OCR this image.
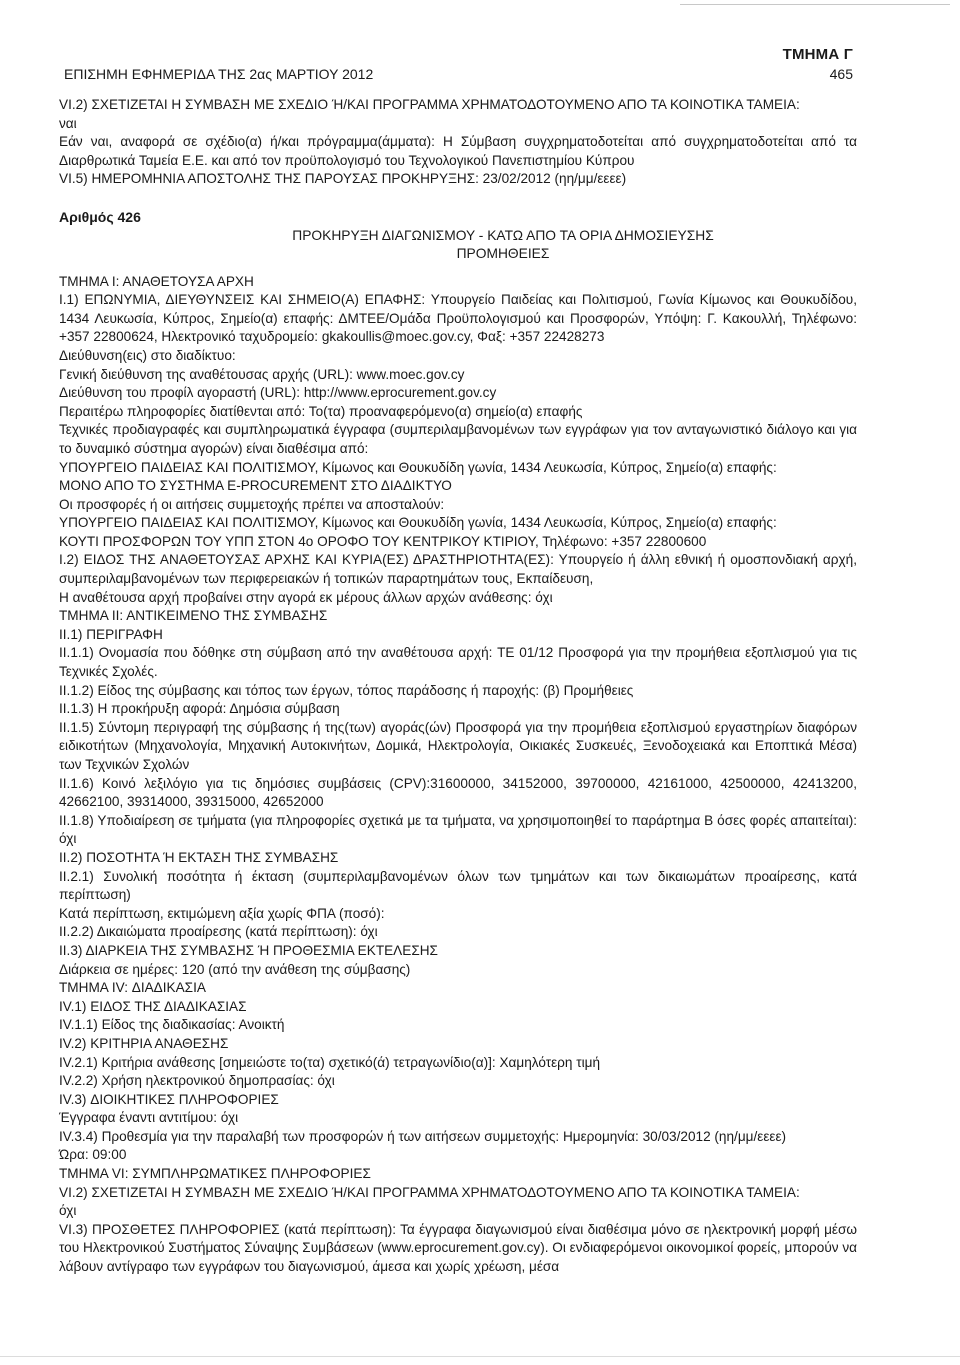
ΤΜΗΜΑ Γ
ΕΠΙΣΗΜΗ ΕΦΗΜΕΡΙΔΑ ΤΗΣ 2ας ΜΑΡΤΙΟΥ 2012	465

VI.2) ΣΧΕΤΙΖΕΤΑΙ Η ΣΥΜΒΑΣΗ ΜΕ ΣΧΕΔΙΟ Ή/ΚΑΙ ΠΡΟΓΡΑΜΜΑ ΧΡΗΜΑΤΟΔΟΤΟΥΜΕΝΟ ΑΠΟ ΤΑ ΚΟΙΝΟΤΙΚΑ ΤΑΜΕΙΑ:

ναι

Εάν ναι, αναφορά σε σχέδιο(α) ή/και πρόγραμμα(άμματα): Η Σύμβαση συγχρηματοδοτείται από συγχρηματοδοτείται από τα Διαρθρωτικά Ταμεία Ε.Ε. και από τον προϋπολογισμό του Τεχνολογικού Πανεπιστημίου Κύπρου

VI.5) ΗΜΕΡΟΜΗΝΙΑ ΑΠΟΣΤΟΛΗΣ ΤΗΣ ΠΑΡΟΥΣΑΣ ΠΡΟΚΗΡΥΞΗΣ: 23/02/2012 (ηη/μμ/εεεε)

Αριθμός 426

ΠΡΟΚΗΡΥΞΗ ΔΙΑΓΩΝΙΣΜΟΥ - ΚΑΤΩ ΑΠΟ ΤΑ ΟΡΙΑ ΔΗΜΟΣΙΕΥΣΗΣ

ΠΡΟΜΗΘΕΙΕΣ

ΤΜΗΜΑ Ι: ΑΝΑΘΕΤΟΥΣΑ ΑΡΧΗ

Ι.1) ΕΠΩΝΥΜΙΑ, ΔΙΕΥΘΥΝΣΕΙΣ ΚΑΙ ΣΗΜΕΙΟ(Α) ΕΠΑΦΗΣ: Υπουργείο Παιδείας και Πολιτισμού, Γωνία Κίμωνος και Θουκυδίδου, 1434 Λευκωσία, Κύπρος, Σημείο(α) επαφής: ΔΜΤΕΕ/Ομάδα Προϋπολογισμού και Προσφορών, Υπόψη: Γ. Κακουλλή, Τηλέφωνο: +357 22800624, Ηλεκτρονικό ταχυδρομείο: gkakoullis@moec.gov.cy, Φαξ: +357 22428273

Διεύθυνση(εις) στο διαδίκτυο:

Γενική διεύθυνση της αναθέτουσας αρχής (URL): www.moec.gov.cy

Διεύθυνση του προφίλ αγοραστή (URL): http://www.eprocurement.gov.cy

Περαιτέρω πληροφορίες διατίθενται από: Το(τα) προαναφερόμενο(α) σημείο(α) επαφής

Τεχνικές προδιαγραφές και συμπληρωματικά έγγραφα (συμπεριλαμβανομένων των εγγράφων για τον ανταγωνιστικό διάλογο και για το δυναμικό σύστημα αγορών) είναι διαθέσιμα από:

ΥΠΟΥΡΓΕΙΟ ΠΑΙΔΕΙΑΣ ΚΑΙ ΠΟΛΙΤΙΣΜΟΥ, Κίμωνος και Θουκυδίδη γωνία, 1434 Λευκωσία, Κύπρος, Σημείο(α) επαφής:

ΜΟΝΟ ΑΠΟ ΤΟ ΣΥΣΤΗΜΑ E-PROCUREMENT ΣΤΟ ΔΙΑΔΙΚΤΥΟ

Οι προσφορές ή οι αιτήσεις συμμετοχής πρέπει να αποσταλούν:

ΥΠΟΥΡΓΕΙΟ ΠΑΙΔΕΙΑΣ ΚΑΙ ΠΟΛΙΤΙΣΜΟΥ, Κίμωνος και Θουκυδίδη γωνία, 1434 Λευκωσία, Κύπρος, Σημείο(α) επαφής:

ΚΟΥΤΙ ΠΡΟΣΦΟΡΩΝ ΤΟΥ ΥΠΠ ΣΤΟΝ 4ο ΟΡΟΦΟ ΤΟΥ ΚΕΝΤΡΙΚΟΥ ΚΤΙΡΙΟΥ, Τηλέφωνο: +357 22800600

Ι.2) ΕΙΔΟΣ ΤΗΣ ΑΝΑΘΕΤΟΥΣΑΣ ΑΡΧΗΣ ΚΑΙ ΚΥΡΙΑ(ΕΣ) ΔΡΑΣΤΗΡΙΟΤΗΤΑ(ΕΣ): Υπουργείο ή άλλη εθνική ή ομοσπονδιακή αρχή, συμπεριλαμβανομένων των περιφερειακών ή τοπικών παραρτημάτων τους, Εκπαίδευση,

Η αναθέτουσα αρχή προβαίνει στην αγορά εκ μέρους άλλων αρχών ανάθεσης: όχι

ΤΜΗΜΑ ΙΙ: ΑΝΤΙΚΕΙΜΕΝΟ ΤΗΣ ΣΥΜΒΑΣΗΣ

ΙΙ.1) ΠΕΡΙΓΡΑΦΗ

ΙΙ.1.1) Ονομασία που δόθηκε στη σύμβαση από την αναθέτουσα αρχή: ΤΕ 01/12 Προσφορά για την προμήθεια εξοπλισμού για τις Τεχνικές Σχολές.

ΙΙ.1.2) Είδος της σύμβασης και τόπος των έργων, τόπος παράδοσης ή παροχής: (β) Προμήθειες

ΙΙ.1.3) Η προκήρυξη αφορά: Δημόσια σύμβαση

ΙΙ.1.5) Σύντομη περιγραφή της σύμβασης ή της(των) αγοράς(ών) Προσφορά για την προμήθεια εξοπλισμού εργαστηρίων διαφόρων ειδικοτήτων (Μηχανολογία, Μηχανική Αυτοκινήτων, Δομικά, Ηλεκτρολογία, Οικιακές Συσκευές, Ξενοδοχειακά και Εποπτικά Μέσα) των Τεχνικών Σχολών

ΙΙ.1.6) Κοινό λεξιλόγιο για τις δημόσιες συμβάσεις (CPV):31600000, 34152000, 39700000, 42161000, 42500000, 42413200, 42662100, 39314000, 39315000, 42652000

ΙΙ.1.8) Υποδιαίρεση σε τμήματα (για πληροφορίες σχετικά με τα τμήματα, να χρησιμοποιηθεί το παράρτημα Β όσες φορές απαιτείται): όχι

ΙΙ.2) ΠΟΣΟΤΗΤΑ Ή ΕΚΤΑΣΗ ΤΗΣ ΣΥΜΒΑΣΗΣ

ΙΙ.2.1) Συνολική ποσότητα ή έκταση (συμπεριλαμβανομένων όλων των τμημάτων και των δικαιωμάτων προαίρεσης, κατά περίπτωση)

Κατά περίπτωση, εκτιμώμενη αξία χωρίς ΦΠΑ (ποσό):

ΙΙ.2.2) Δικαιώματα προαίρεσης (κατά περίπτωση): όχι

ΙΙ.3) ΔΙΑΡΚΕΙΑ ΤΗΣ ΣΥΜΒΑΣΗΣ Ή ΠΡΟΘΕΣΜΙΑ ΕΚΤΕΛΕΣΗΣ

Διάρκεια σε ημέρες: 120 (από την ανάθεση της σύμβασης)

ΤΜΗΜΑ IV: ΔΙΑΔΙΚΑΣΙΑ

IV.1) ΕΙΔΟΣ ΤΗΣ ΔΙΑΔΙΚΑΣΙΑΣ

IV.1.1) Είδος της διαδικασίας: Ανοικτή

IV.2) ΚΡΙΤΗΡΙΑ ΑΝΑΘΕΣΗΣ

IV.2.1) Κριτήρια ανάθεσης [σημειώστε το(τα) σχετικό(ά) τετραγωνίδιο(α)]: Χαμηλότερη τιμή

IV.2.2) Χρήση ηλεκτρονικού δημοπρασίας: όχι

IV.3) ΔΙΟΙΚΗΤΙΚΕΣ ΠΛΗΡΟΦΟΡΙΕΣ

Έγγραφα έναντι αντιτίμου: όχι

IV.3.4) Προθεσμία για την παραλαβή των προσφορών ή των αιτήσεων συμμετοχής: Ημερομηνία: 30/03/2012 (ηη/μμ/εεεε)

Ώρα: 09:00

ΤΜΗΜΑ VI: ΣΥΜΠΛΗΡΩΜΑΤΙΚΕΣ ΠΛΗΡΟΦΟΡΙΕΣ

VI.2) ΣΧΕΤΙΖΕΤΑΙ Η ΣΥΜΒΑΣΗ ΜΕ ΣΧΕΔΙΟ Ή/ΚΑΙ ΠΡΟΓΡΑΜΜΑ ΧΡΗΜΑΤΟΔΟΤΟΥΜΕΝΟ ΑΠΟ ΤΑ ΚΟΙΝΟΤΙΚΑ ΤΑΜΕΙΑ:

όχι

VI.3) ΠΡΟΣΘΕΤΕΣ ΠΛΗΡΟΦΟΡΙΕΣ (κατά περίπτωση): Τα έγγραφα διαγωνισμού είναι διαθέσιμα μόνο σε ηλεκτρονική μορφή μέσω του Ηλεκτρονικού Συστήματος Σύναψης Συμβάσεων (www.eprocurement.gov.cy). Οι ενδιαφερόμενοι οικονομικοί φορείς, μπορούν να λάβουν αντίγραφο των εγγράφων του διαγωνισμού, άμεσα και χωρίς χρέωση, μέσα
